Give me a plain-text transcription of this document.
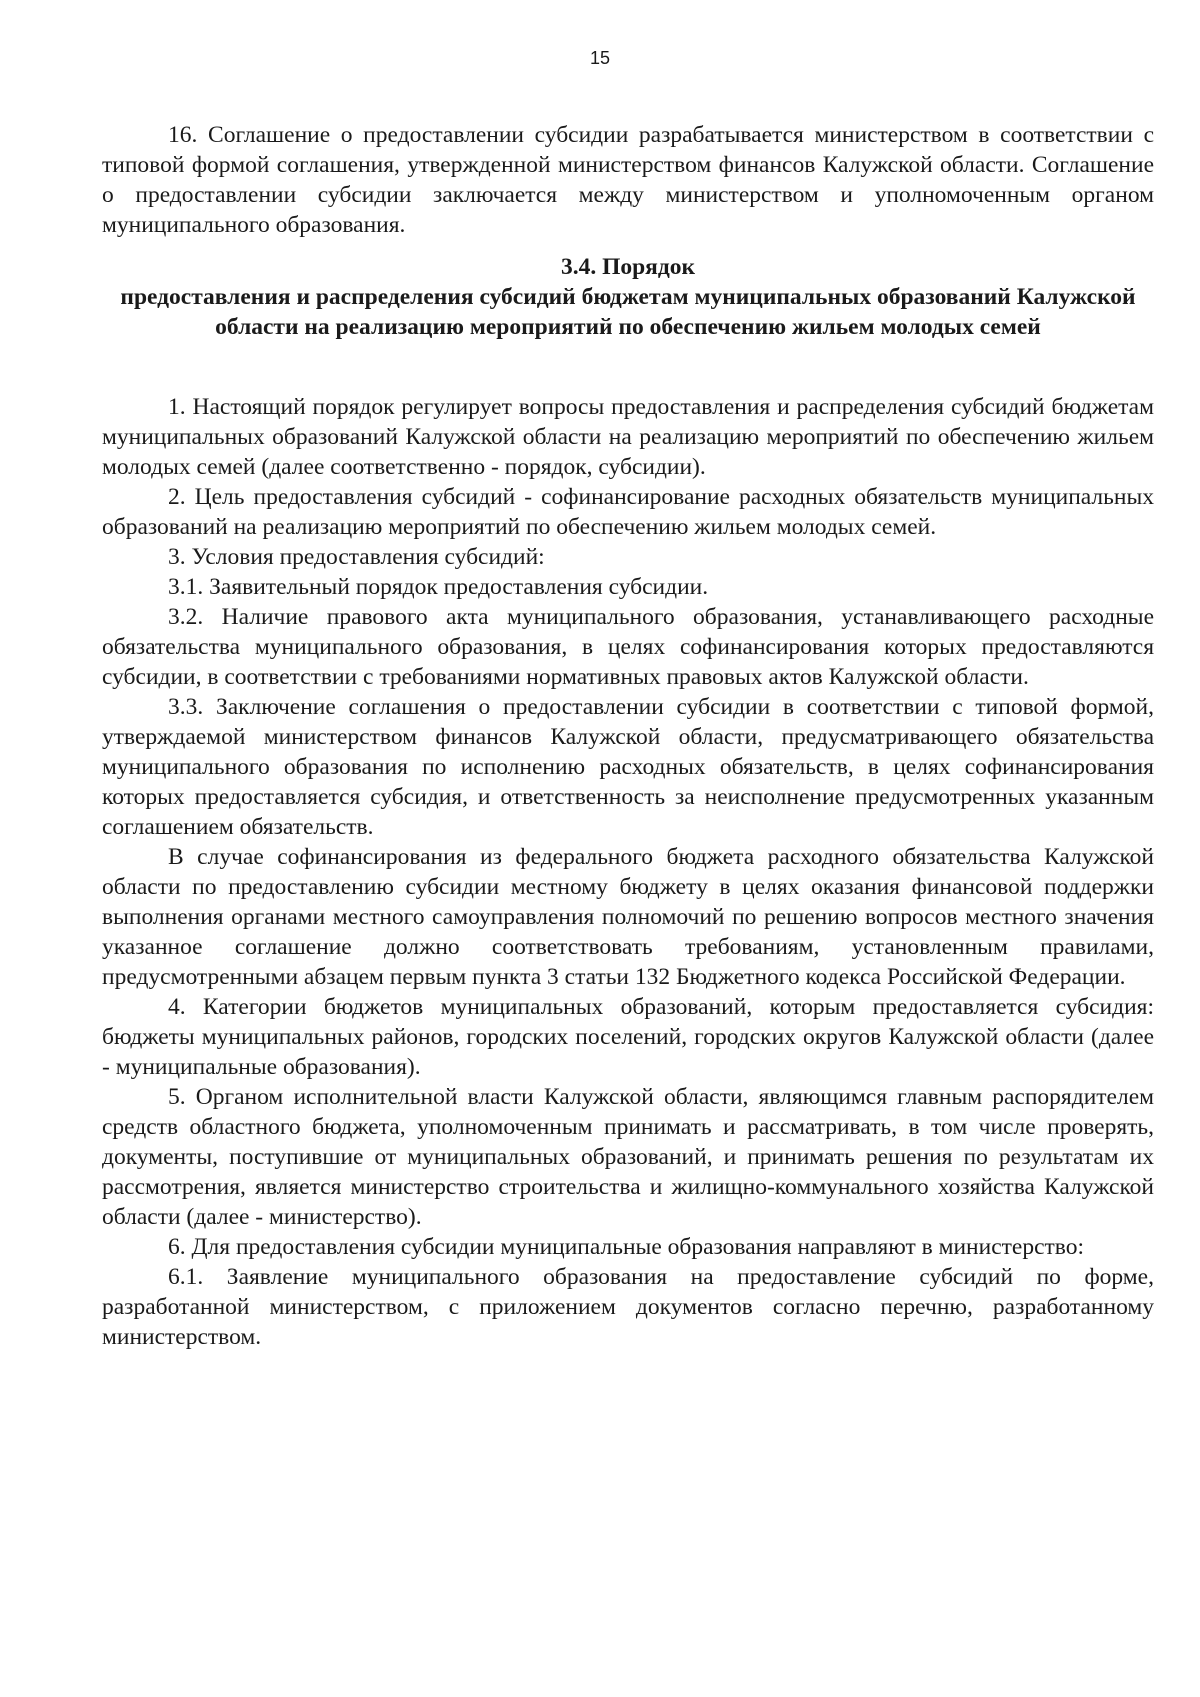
15

16. Соглашение о предоставлении субсидии разрабатывается министерством в соответствии с типовой формой соглашения, утвержденной министерством финансов Калужской области. Соглашение о предоставлении субсидии заключается между министерством и уполномоченным органом муниципального образования.

3.4. Порядок

предоставления и распределения субсидий бюджетам муниципальных образований Калужской области на реализацию мероприятий по обеспечению жильем молодых семей

1. Настоящий порядок регулирует вопросы предоставления и распределения субсидий бюджетам муниципальных образований Калужской области на реализацию мероприятий по обеспечению жильем молодых семей (далее соответственно - порядок, субсидии).

2. Цель предоставления субсидий - софинансирование расходных обязательств муниципальных образований на реализацию мероприятий по обеспечению жильем молодых семей.

3. Условия предоставления субсидий:

3.1. Заявительный порядок предоставления субсидии.

3.2. Наличие правового акта муниципального образования, устанавливающего расходные обязательства муниципального образования, в целях софинансирования которых предоставляются субсидии, в соответствии с требованиями нормативных правовых актов Калужской области.

3.3. Заключение соглашения о предоставлении субсидии в соответствии с типовой формой, утверждаемой министерством финансов Калужской области, предусматривающего обязательства муниципального образования по исполнению расходных обязательств, в целях софинансирования которых предоставляется субсидия, и ответственность за неисполнение предусмотренных указанным соглашением обязательств.

В случае софинансирования из федерального бюджета расходного обязательства Калужской области по предоставлению субсидии местному бюджету в целях оказания финансовой поддержки выполнения органами местного самоуправления полномочий по решению вопросов местного значения указанное соглашение должно соответствовать требованиям, установленным правилами, предусмотренными абзацем первым пункта 3 статьи 132 Бюджетного кодекса Российской Федерации.

4. Категории бюджетов муниципальных образований, которым предоставляется субсидия: бюджеты муниципальных районов, городских поселений, городских округов Калужской области (далее - муниципальные образования).

5. Органом исполнительной власти Калужской области, являющимся главным распорядителем средств областного бюджета, уполномоченным принимать и рассматривать, в том числе проверять, документы, поступившие от муниципальных образований, и принимать решения по результатам их рассмотрения, является министерство строительства и жилищно-коммунального хозяйства Калужской области (далее - министерство).

6. Для предоставления субсидии муниципальные образования направляют в министерство:

6.1. Заявление муниципального образования на предоставление субсидий по форме, разработанной министерством, с приложением документов согласно перечню, разработанному министерством.
